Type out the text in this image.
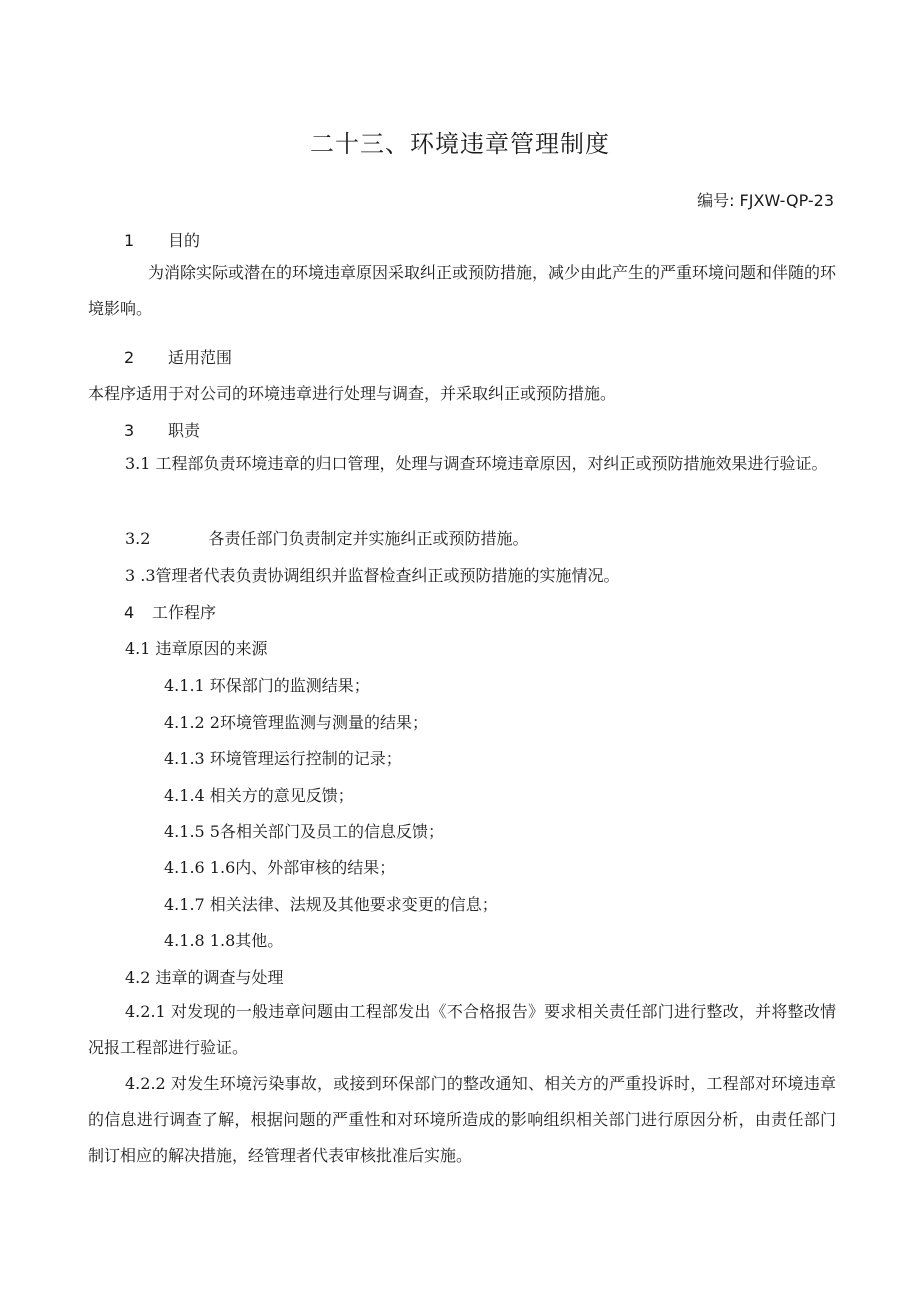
二十三、环境违章管理制度
编号: FJXW-QP-23
1 目的
为消除实际或潜在的环境违章原因采取纠正或预防措施，减少由此产生的严重环境问题和伴随的环境影响。
2 适用范围
本程序适用于对公司的环境违章进行处理与调查，并采取纠正或预防措施。
3 职责
3.1 工程部负责环境违章的归口管理，处理与调查环境违章原因，对纠正或预防措施效果进行验证。
3.2	各责任部门负责制定并实施纠正或预防措施。
3 .3管理者代表负责协调组织并监督检查纠正或预防措施的实施情况。
4 工作程序
4.1 违章原因的来源
4.1.1 环保部门的监测结果；
4.1.2 2环境管理监测与测量的结果；
4.1.3 环境管理运行控制的记录；
4.1.4 相关方的意见反馈；
4.1.5 5各相关部门及员工的信息反馈；
4.1.6 1.6内、外部审核的结果；
4.1.7 相关法律、法规及其他要求变更的信息；
4.1.8 1.8其他。
4.2 违章的调查与处理
4.2.1 对发现的一般违章问题由工程部发出《不合格报告》要求相关责任部门进行整改，并将整改情况报工程部进行验证。
4.2.2 对发生环境污染事故，或接到环保部门的整改通知、相关方的严重投诉时，工程部对环境违章的信息进行调查了解，根据问题的严重性和对环境所造成的影响组织相关部门进行原因分析，由责任部门制订相应的解决措施，经管理者代表审核批准后实施。
